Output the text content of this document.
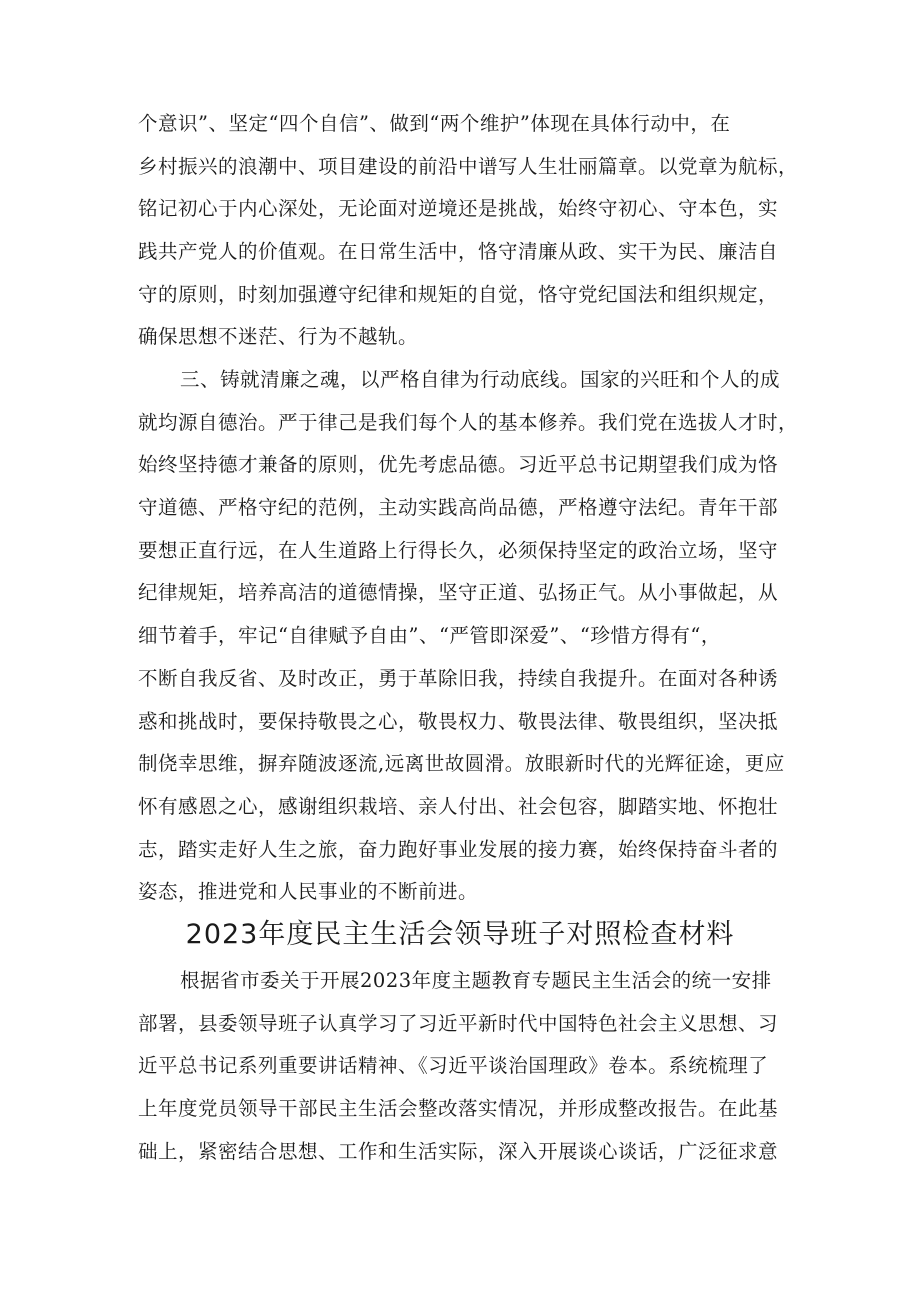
个意识”、坚定“四个自信”、做到“两个维护”体现在具体行动中，在
乡村振兴的浪潮中、项目建设的前沿中谱写人生壮丽篇章。以党章为航标，
铭记初心于内心深处，无论面对逆境还是挑战，始终守初心、守本色，实
践共产党人的价值观。在日常生活中，恪守清廉从政、实干为民、廉洁自
守的原则，时刻加强遵守纪律和规矩的自觉，恪守党纪国法和组织规定，
确保思想不迷茫、行为不越轨。
三、铸就清廉之魂，以严格自律为行动底线。国家的兴旺和个人的成
就均源自德治。严于律己是我们每个人的基本修养。我们党在选拔人才时，
始终坚持德才兼备的原则，优先考虑品德。习近平总书记期望我们成为恪
守道德、严格守纪的范例，主动实践高尚品德，严格遵守法纪。青年干部
要想正直行远，在人生道路上行得长久，必须保持坚定的政治立场，坚守
纪律规矩，培养高洁的道德情操，坚守正道、弘扬正气。从小事做起，从
细节着手，牢记“自律赋予自由”、“严管即深爱”、“珍惜方得有“，
不断自我反省、及时改正，勇于革除旧我，持续自我提升。在面对各种诱
惑和挑战时，要保持敬畏之心，敬畏权力、敬畏法律、敬畏组织，坚决抵
制侥幸思维，摒弃随波逐流,远离世故圆滑。放眼新时代的光辉征途，更应
怀有感恩之心，感谢组织栽培、亲人付出、社会包容，脚踏实地、怀抱壮
志，踏实走好人生之旅，奋力跑好事业发展的接力赛，始终保持奋斗者的
姿态，推进党和人民事业的不断前进。
2023年度民主生活会领导班子对照检查材料
根据省市委关于开展2023年度主题教育专题民主生活会的统一安排
部署，县委领导班子认真学习了习近平新时代中国特色社会主义思想、习
近平总书记系列重要讲话精神、《习近平谈治国理政》卷本。系统梳理了
上年度党员领导干部民主生活会整改落实情况，并形成整改报告。在此基
础上，紧密结合思想、工作和生活实际，深入开展谈心谈话，广泛征求意
